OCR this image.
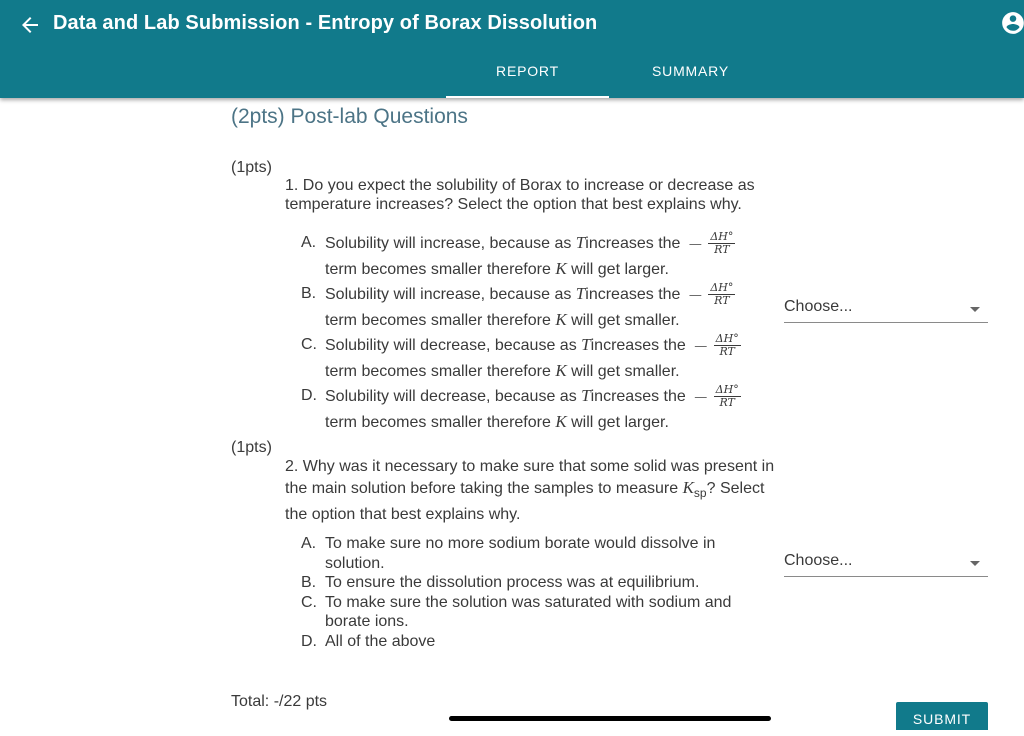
Data and Lab Submission - Entropy of Borax Dissolution
REPORT	SUMMARY
(2pts) Post-lab Questions
(1pts)
1. Do you expect the solubility of Borax to increase or decrease as temperature increases? Select the option that best explains why.
A. Solubility will increase, because as Tincreases the — $\frac{\Delta H^\circ}{RT}$
term becomes smaller therefore K will get larger.
B. Solubility will increase, because as Tincreases the — $\frac{\Delta H^\circ}{RT}$
term becomes smaller therefore K will get smaller.
C. Solubility will decrease, because as Tincreases the — $\frac{\Delta H^\circ}{RT}$
term becomes smaller therefore K will get smaller.
D. Solubility will decrease, because as Tincreases the — $\frac{\Delta H^\circ}{RT}$
term becomes smaller therefore K will get larger.
Choose...
(1pts)
2. Why was it necessary to make sure that some solid was present in the main solution before taking the samples to measure $K_{sp}$? Select the option that best explains why.
A. To make sure no more sodium borate would dissolve in solution.
B. To ensure the dissolution process was at equilibrium.
C. To make sure the solution was saturated with sodium and borate ions.
D. All of the above
Choose...
Total: -/22 pts
SUBMIT
